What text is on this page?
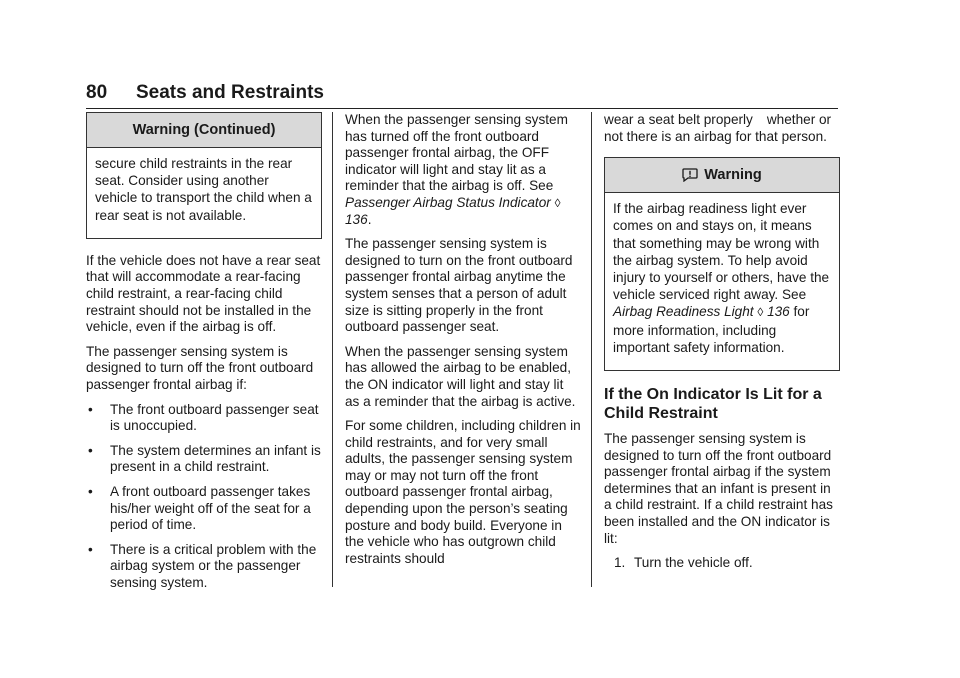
80 Seats and Restraints
Warning (Continued)

secure child restraints in the rear seat. Consider using another vehicle to transport the child when a rear seat is not available.

If the vehicle does not have a rear seat that will accommodate a rear-facing child restraint, a rear-facing child restraint should not be installed in the vehicle, even if the airbag is off.

The passenger sensing system is designed to turn off the front outboard passenger frontal airbag if:

•	The front outboard passenger seat is unoccupied.
•	The system determines an infant is present in a child restraint.
•	A front outboard passenger takes his/her weight off of the seat for a period of time.
•	There is a critical problem with the airbag system or the passenger sensing system.

When the passenger sensing system has turned off the front outboard passenger frontal airbag, the OFF indicator will light and stay lit as a reminder that the airbag is off. See Passenger Airbag Status Indicator ◊ 136.

The passenger sensing system is designed to turn on the front outboard passenger frontal airbag anytime the system senses that a person of adult size is sitting properly in the front outboard passenger seat.

When the passenger sensing system has allowed the airbag to be enabled, the ON indicator will light and stay lit as a reminder that the airbag is active.

For some children, including children in child restraints, and for very small adults, the passenger sensing system may or may not turn off the front outboard passenger frontal airbag, depending upon the person’s seating posture and body build. Everyone in the vehicle who has outgrown child restraints should

wear a seat belt properly whether or not there is an airbag for that person.

Warning

If the airbag readiness light ever comes on and stays on, it means that something may be wrong with the airbag system. To help avoid injury to yourself or others, have the vehicle serviced right away. See Airbag Readiness Light ◊ 136 for more information, including important safety information.

If the On Indicator Is Lit for a Child Restraint

The passenger sensing system is designed to turn off the front outboard passenger frontal airbag if the system determines that an infant is present in a child restraint. If a child restraint has been installed and the ON indicator is lit:

1. Turn the vehicle off.
